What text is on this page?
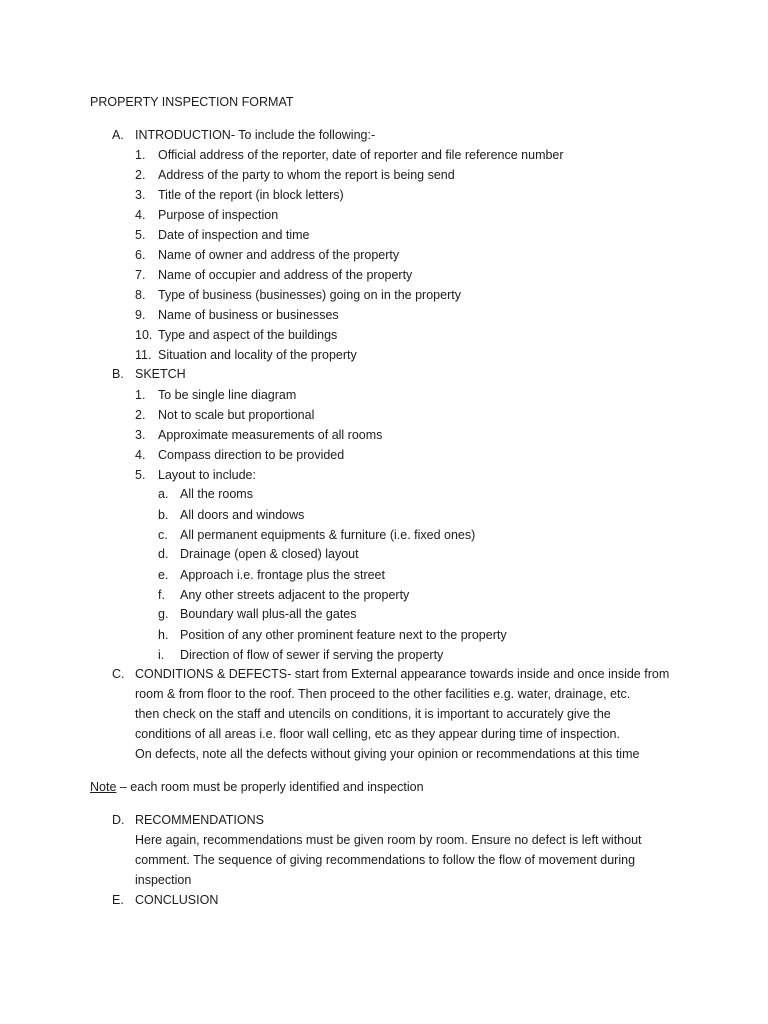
PROPERTY INSPECTION FORMAT
A. INTRODUCTION- To include the following:-
1.	Official address of the reporter, date of reporter and file reference number
2.	Address of the party to whom the report is being send
3.	Title of the report (in block letters)
4.	Purpose of inspection
5.	Date of inspection and time
6.	Name of owner and address of the property
7.	Name of occupier and address of the property
8.	Type of business (businesses) going on in the property
9.	Name of business or businesses
10. Type and aspect of the buildings
11. Situation and locality of the property
B. SKETCH
1.	To be single line diagram
2.	Not to scale but proportional
3.	Approximate measurements of all rooms
4.	Compass direction to be provided
5.	Layout to include:
a. All the rooms
b. All doors and windows
c. All permanent equipments & furniture (i.e. fixed ones)
d. Drainage (open & closed) layout
e. Approach i.e. frontage plus the street
f. Any other streets adjacent to the property
g. Boundary wall plus-all the gates
h. Position of any other prominent feature next to the property
i. Direction of flow of sewer if serving the property
C. CONDITIONS & DEFECTS- start from External appearance towards inside and once inside from
room & from floor to the roof. Then proceed to the other facilities e.g. water, drainage, etc.
then check on the staff and utencils on conditions, it is important to accurately give the
conditions of all areas i.e. floor wall celling, etc as they appear during time of inspection.
On defects, note all the defects without giving your opinion or recommendations at this time
Note – each room must be properly identified and inspection
D. RECOMMENDATIONS
Here again, recommendations must be given room by room. Ensure no defect is left without
comment. The sequence of giving recommendations to follow the flow of movement during
inspection
E. CONCLUSION
